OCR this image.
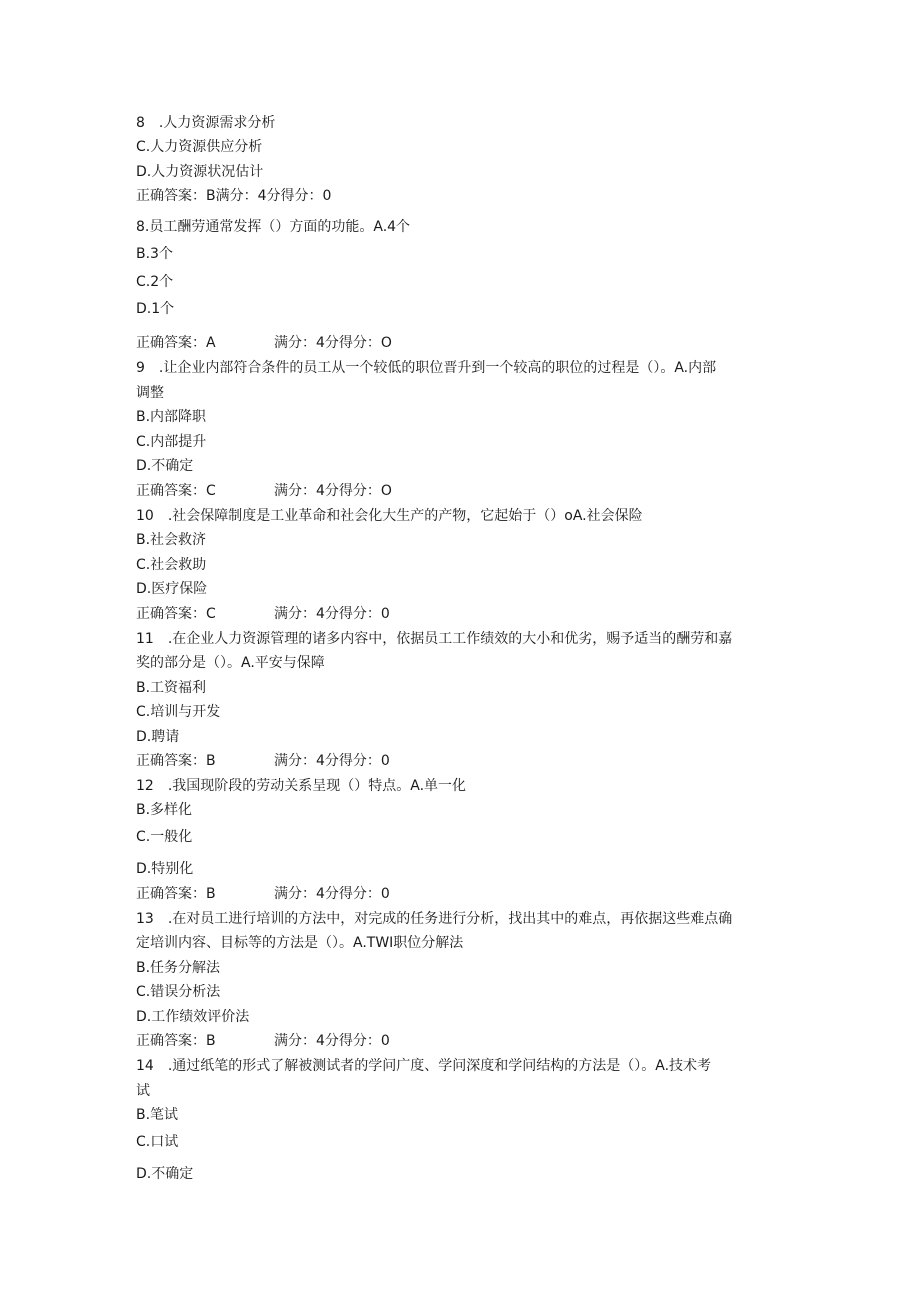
8　.人力资源需求分析
C.人力资源供应分析
D.人力资源状况估计
正确答案：B满分：4分得分：0
8.员工酬劳通常发挥（）方面的功能。A.4个
B.3个
C.2个
D.1个
正确答案：A	满分：4分得分：O
9　.让企业内部符合条件的员工从一个较低的职位晋升到一个较高的职位的过程是（）。A.内部
调整
B.内部降职
C.内部提升
D.不确定
正确答案：C	满分：4分得分：O
10　.社会保障制度是工业革命和社会化大生产的产物，它起始于（）oA.社会保险
B.社会救济
C.社会救助
D.医疗保险
正确答案：C	满分：4分得分：0
11　.在企业人力资源管理的诸多内容中，依据员工工作绩效的大小和优劣，赐予适当的酬劳和嘉
奖的部分是（）。A.平安与保障
B.工资福利
C.培训与开发
D.聘请
正确答案：B	满分：4分得分：0
12　.我国现阶段的劳动关系呈现（）特点。A.单一化
B.多样化
C.一般化
D.特别化
正确答案：B	满分：4分得分：0
13　.在对员工进行培训的方法中，对完成的任务进行分析，找出其中的难点，再依据这些难点确
定培训内容、目标等的方法是（）。A.TWI职位分解法
B.任务分解法
C.错误分析法
D.工作绩效评价法
正确答案：B	满分：4分得分：0
14　.通过纸笔的形式了解被测试者的学问广度、学问深度和学问结构的方法是（）。A.技术考
试
B.笔试
C.口试
D.不确定
